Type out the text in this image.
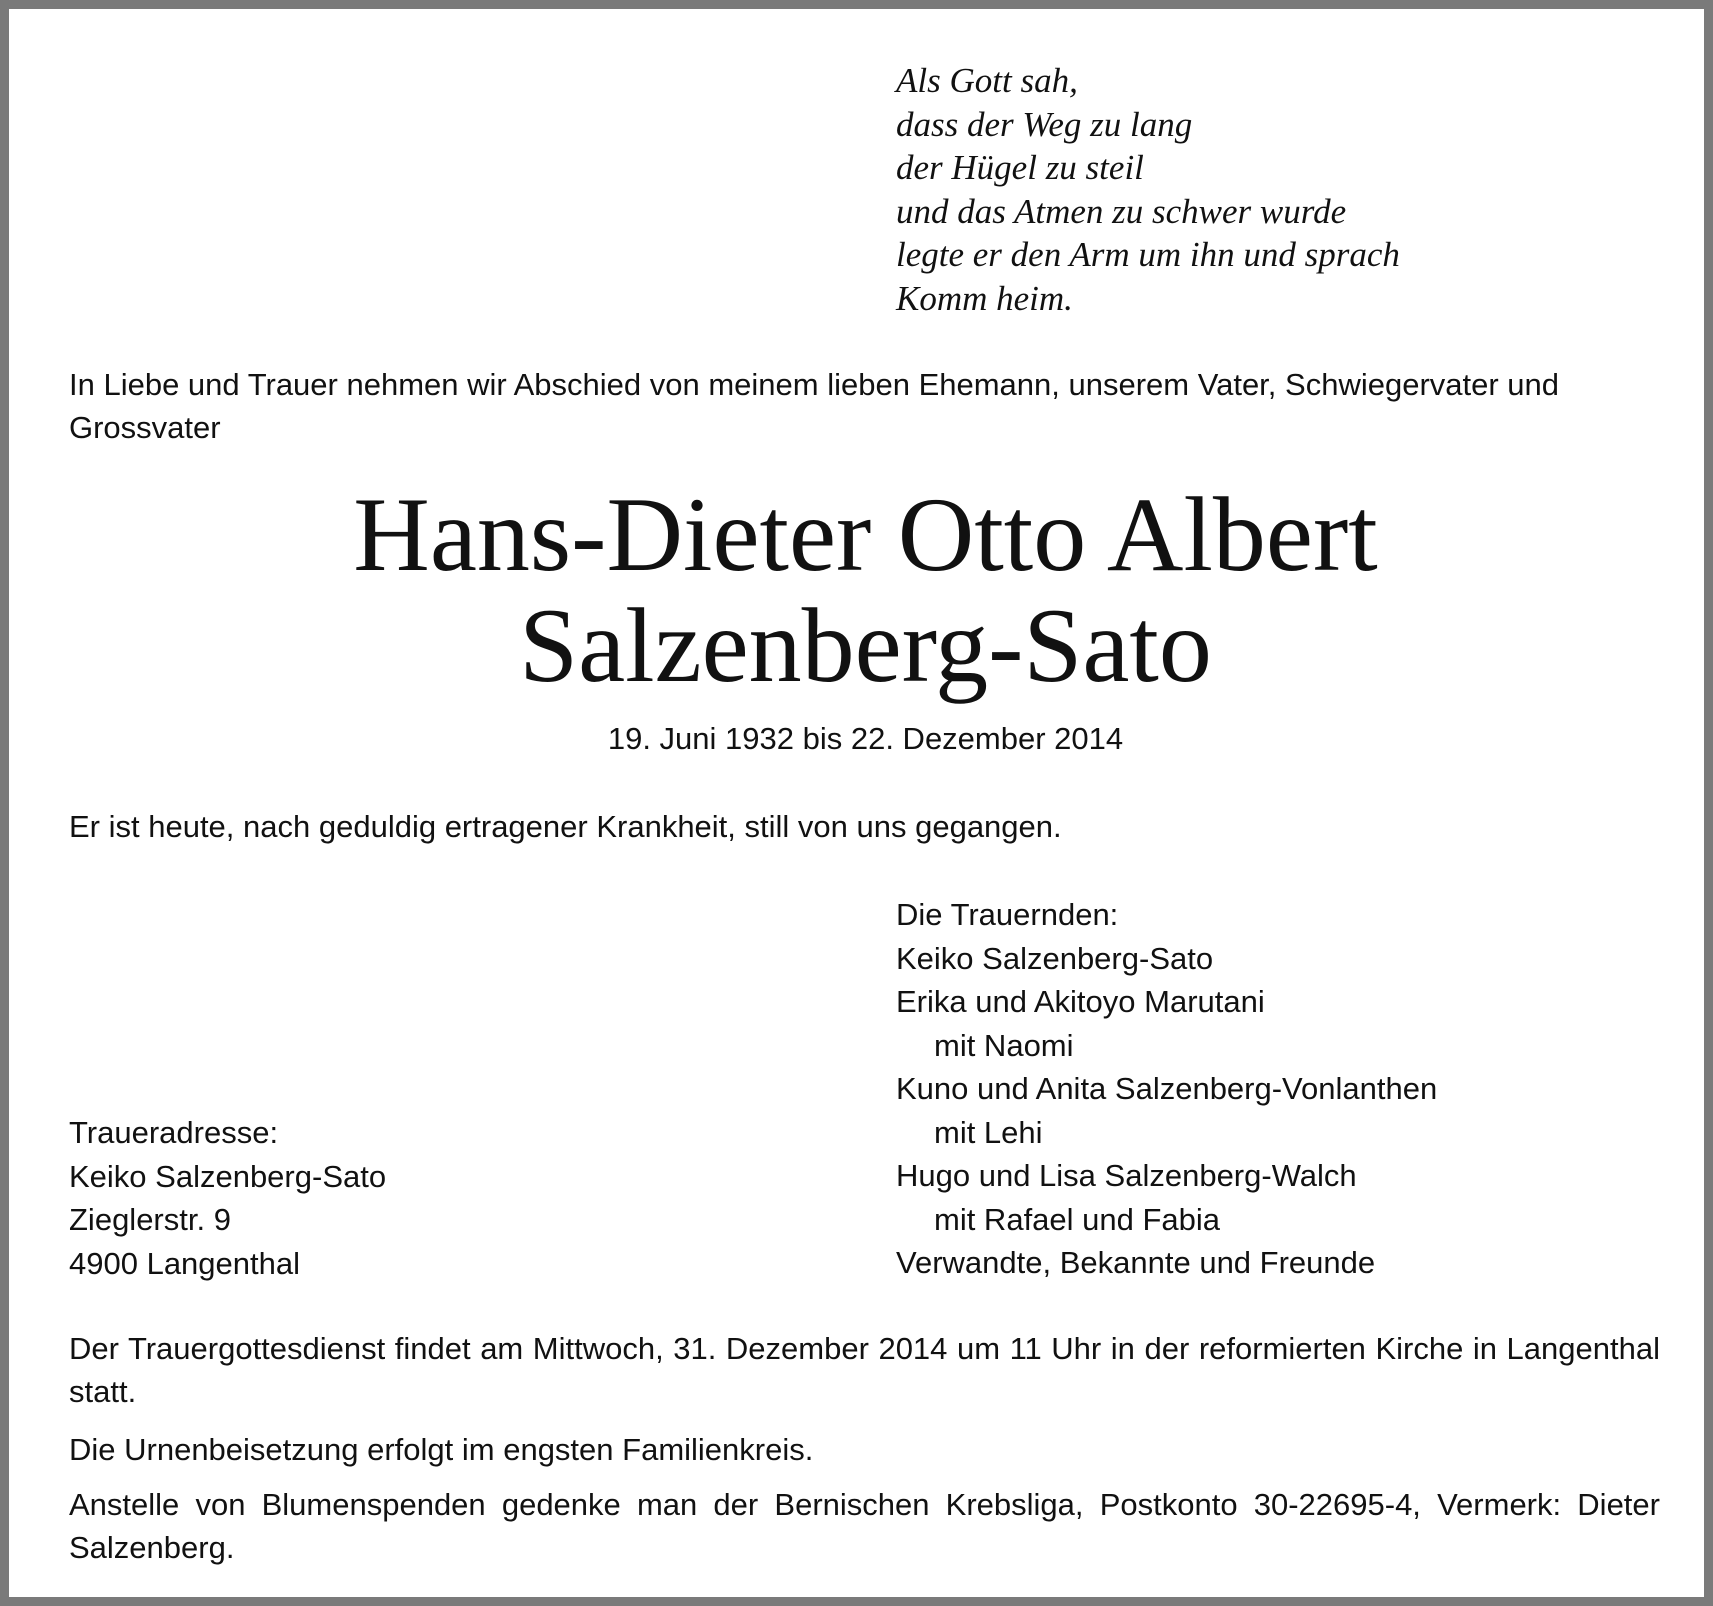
Als Gott sah,
dass der Weg zu lang
der Hügel zu steil
und das Atmen zu schwer wurde
legte er den Arm um ihn und sprach
Komm heim.
In Liebe und Trauer nehmen wir Abschied von meinem lieben Ehemann, unserem Vater, Schwiegervater und Grossvater
Hans-Dieter Otto Albert
Salzenberg-Sato
19. Juni 1932 bis 22. Dezember 2014
Er ist heute, nach geduldig ertragener Krankheit, still von uns gegangen.
Die Trauernden:
Keiko Salzenberg-Sato
Erika und Akitoyo Marutani
mit Naomi
Kuno und Anita Salzenberg-Vonlanthen
mit Lehi
Hugo und Lisa Salzenberg-Walch
mit Rafael und Fabia
Verwandte, Bekannte und Freunde
Traueradresse:
Keiko Salzenberg-Sato
Zieglerstr. 9
4900 Langenthal
Der Trauergottesdienst findet am Mittwoch, 31. Dezember 2014 um 11 Uhr in der reformierten Kirche in Langenthal statt.
Die Urnenbeisetzung erfolgt im engsten Familienkreis.
Anstelle von Blumenspenden gedenke man der Bernischen Krebsliga, Postkonto 30-22695-4, Vermerk: Dieter Salzenberg.
